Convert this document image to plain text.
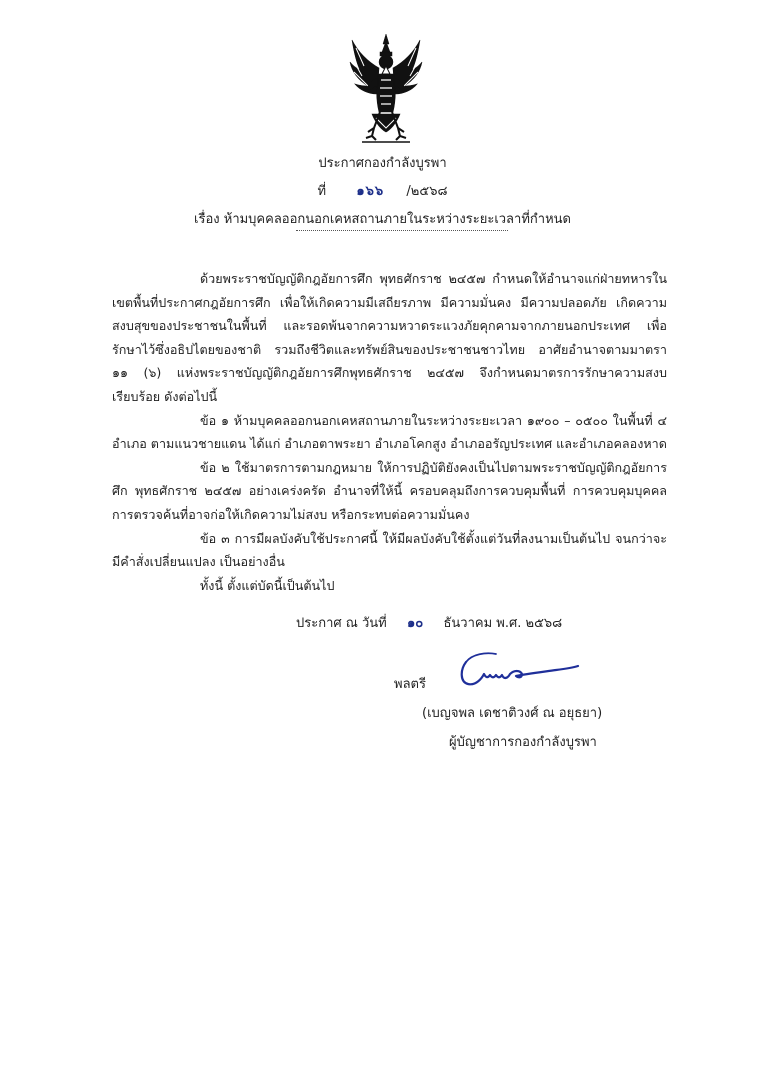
ประกาศกองกำลังบูรพา
ที่ ๑๖๖ /๒๕๖๘
เรื่อง ห้ามบุคคลออกนอกเคหสถานภายในระหว่างระยะเวลาที่กำหนด

ด้วยพระราชบัญญัติกฎอัยการศึก พุทธศักราช ๒๔๕๗ กำหนดให้อำนาจแก่ฝ่ายทหารในเขตพื้นที่ประกาศกฎอัยการศึก เพื่อให้เกิดความมีเสถียรภาพ มีความมั่นคง มีความปลอดภัย เกิดความสงบสุขของประชาชนในพื้นที่ และรอดพ้นจากความหวาดระแวงภัยคุกคามจากภายนอกประเทศ เพื่อรักษาไว้ซึ่งอธิปไตยของชาติ รวมถึงชีวิตและทรัพย์สินของประชาชนชาวไทย อาศัยอำนาจตามมาตรา ๑๑ (๖) แห่งพระราชบัญญัติกฎอัยการศึกพุทธศักราช ๒๔๕๗ จึงกำหนดมาตรการรักษาความสงบเรียบร้อย ดังต่อไปนี้

ข้อ ๑ ห้ามบุคคลออกนอกเคหสถานภายในระหว่างระยะเวลา ๑๙๐๐ – ๐๕๐๐ ในพื้นที่ ๔ อำเภอ ตามแนวชายแดน ได้แก่ อำเภอตาพระยา อำเภอโคกสูง อำเภออรัญประเทศ และอำเภอคลองหาด

ข้อ ๒ ใช้มาตรการตามกฎหมาย ให้การปฏิบัติยังคงเป็นไปตามพระราชบัญญัติกฎอัยการศึก พุทธศักราช ๒๔๕๗ อย่างเคร่งครัด อำนาจที่ให้นี้ ครอบคลุมถึงการควบคุมพื้นที่ การควบคุมบุคคล การตรวจค้นที่อาจก่อให้เกิดความไม่สงบ หรือกระทบต่อความมั่นคง

ข้อ ๓ การมีผลบังคับใช้ประกาศนี้ ให้มีผลบังคับใช้ตั้งแต่วันที่ลงนามเป็นต้นไป จนกว่าจะมีคำสั่งเปลี่ยนแปลง เป็นอย่างอื่น

ทั้งนี้ ตั้งแต่บัดนี้เป็นต้นไป

ประกาศ ณ วันที่ ๑๐ ธันวาคม พ.ศ. ๒๕๖๘
พลตรี
(เบญจพล เดชาติวงศ์ ณ อยุธยา)
ผู้บัญชาการกองกำลังบูรพา
